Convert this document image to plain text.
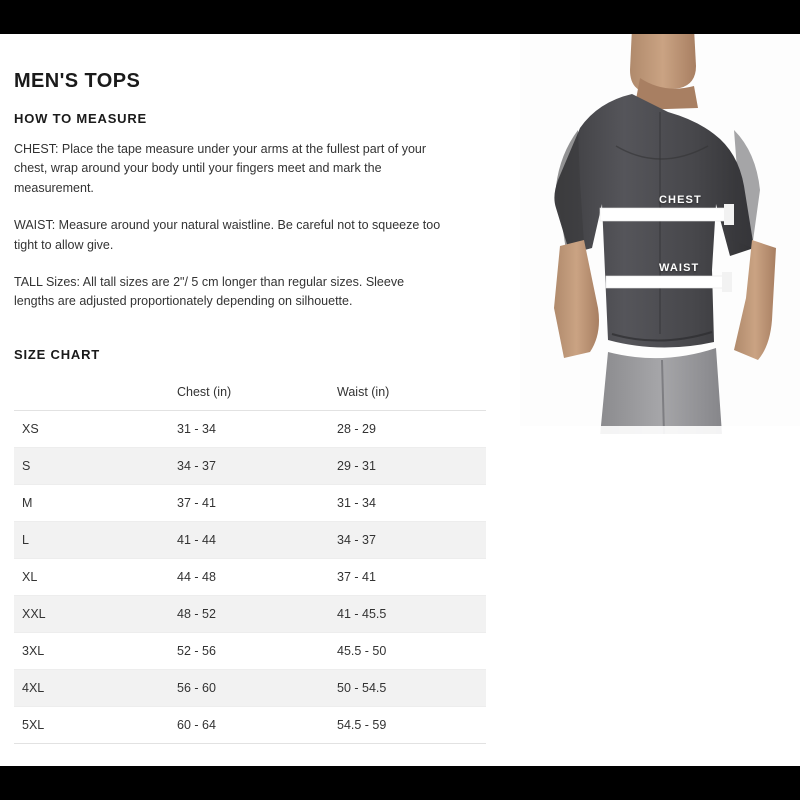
MEN'S TOPS
HOW TO MEASURE

CHEST: Place the tape measure under your arms at the fullest part of your chest, wrap around your body until your fingers meet and mark the measurement.

WAIST: Measure around your natural waistline. Be careful not to squeeze too tight to allow give.

TALL Sizes: All tall sizes are 2"/ 5 cm longer than regular sizes. Sleeve lengths are adjusted proportionately depending on silhouette.

SIZE CHART
	Chest (in)	Waist (in)
XS	31 - 34	28 - 29
S	34 - 37	29 - 31
M	37 - 41	31 - 34
L	41 - 44	34 - 37
XL	44 - 48	37 - 41
XXL	48 - 52	41 - 45.5
3XL	52 - 56	45.5 - 50
4XL	56 - 60	50 - 54.5
5XL	60 - 64	54.5 - 59
CHEST
WAIST
